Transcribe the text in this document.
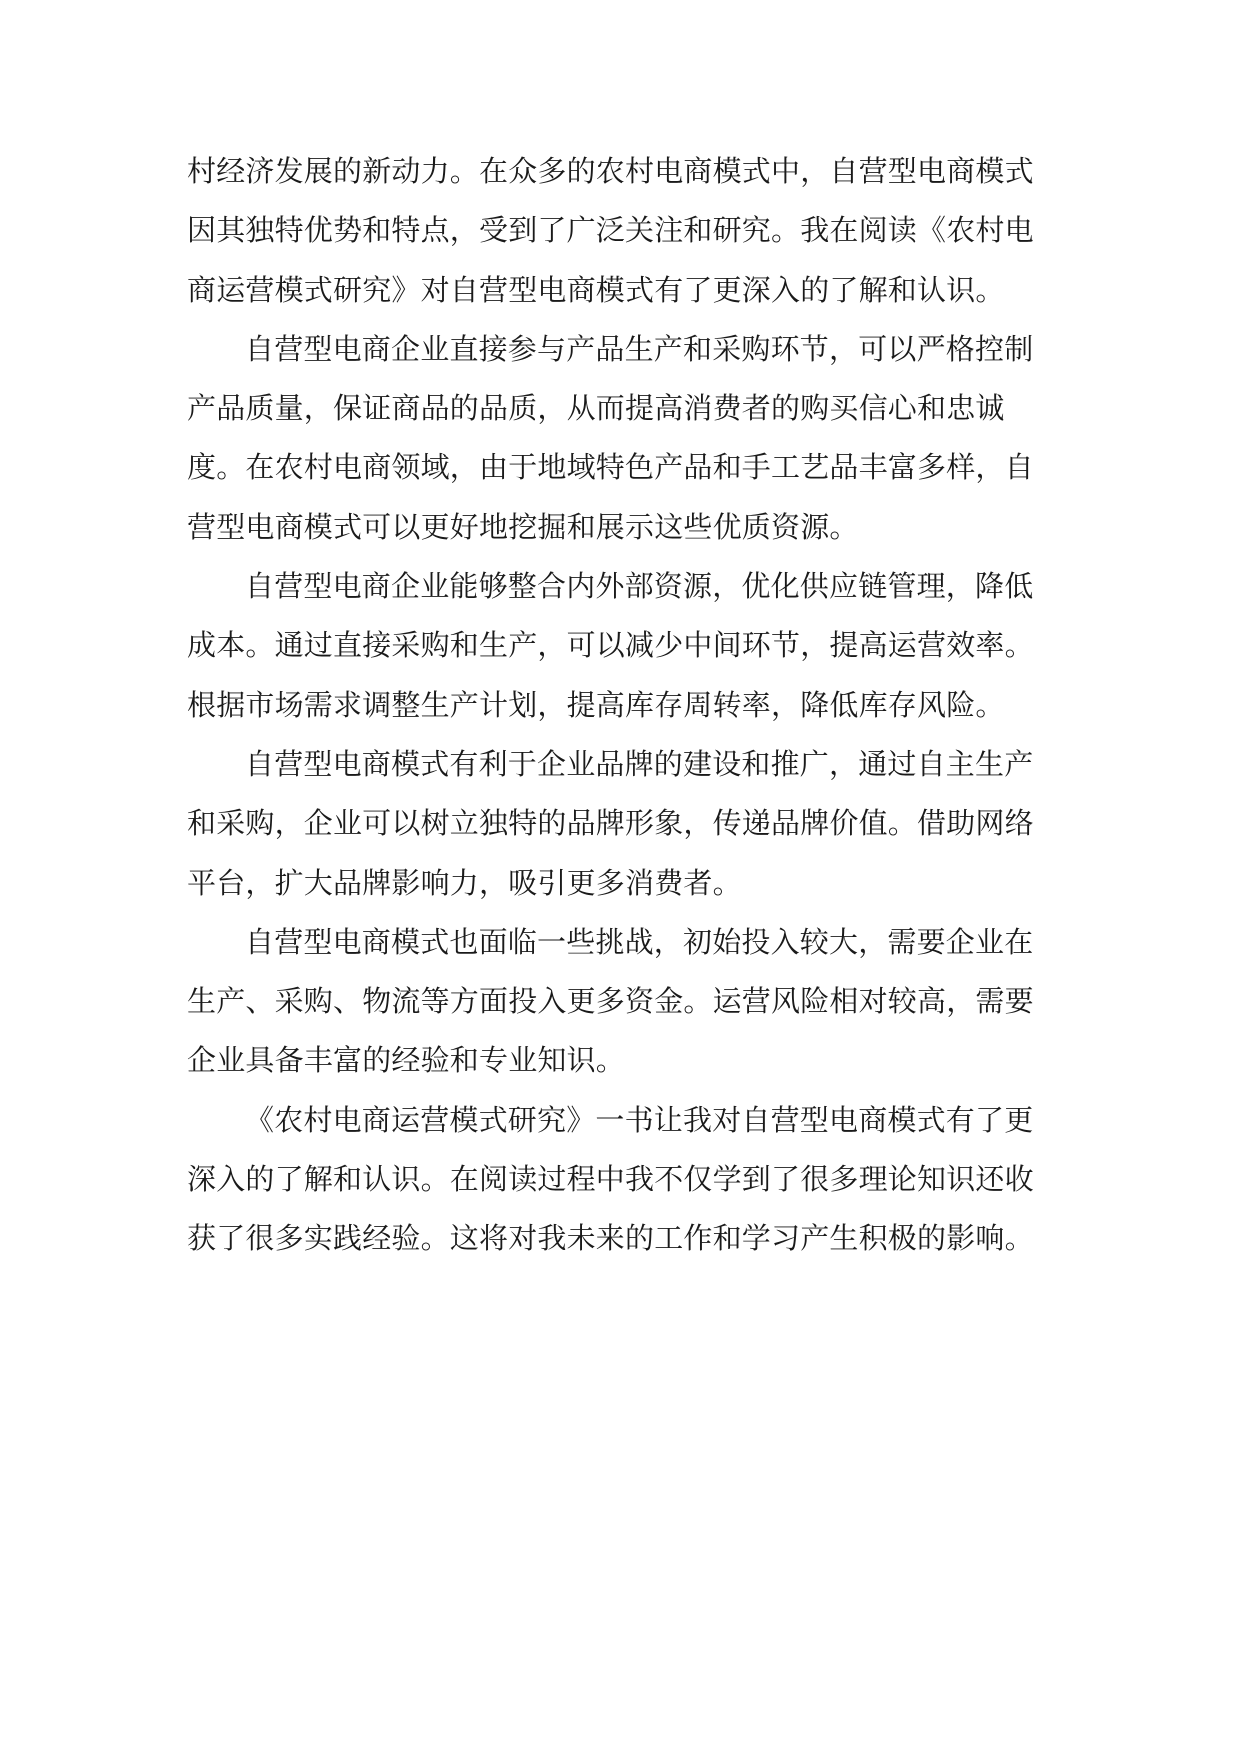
村经济发展的新动力。在众多的农村电商模式中，自营型电商模式因其独特优势和特点，受到了广泛关注和研究。我在阅读《农村电商运营模式研究》对自营型电商模式有了更深入的了解和认识。

自营型电商企业直接参与产品生产和采购环节，可以严格控制产品质量，保证商品的品质，从而提高消费者的购买信心和忠诚度。在农村电商领域，由于地域特色产品和手工艺品丰富多样，自营型电商模式可以更好地挖掘和展示这些优质资源。

自营型电商企业能够整合内外部资源，优化供应链管理，降低成本。通过直接采购和生产，可以减少中间环节，提高运营效率。根据市场需求调整生产计划，提高库存周转率，降低库存风险。

自营型电商模式有利于企业品牌的建设和推广，通过自主生产和采购，企业可以树立独特的品牌形象，传递品牌价值。借助网络平台，扩大品牌影响力，吸引更多消费者。

自营型电商模式也面临一些挑战，初始投入较大，需要企业在生产、采购、物流等方面投入更多资金。运营风险相对较高，需要企业具备丰富的经验和专业知识。

《农村电商运营模式研究》一书让我对自营型电商模式有了更深入的了解和认识。在阅读过程中我不仅学到了很多理论知识还收获了很多实践经验。这将对我未来的工作和学习产生积极的影响。
